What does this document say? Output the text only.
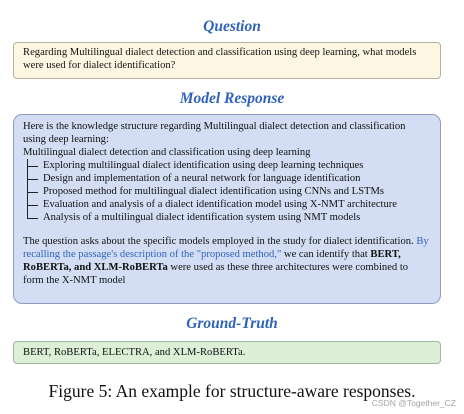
Question
Regarding Multilingual dialect detection and classification using deep learning, what models were used for dialect identification?
Model Response
Here is the knowledge structure regarding Multilingual dialect detection and classification using deep learning:
Multilingual dialect detection and classification using deep learning
Exploring multilingual dialect identification using deep learning techniques
Design and implementation of a neural network for language identification
Proposed method for multilingual dialect identification using CNNs and LSTMs
Evaluation and analysis of a dialect identification model using X-NMT architecture
Analysis of a multilingual dialect identification system using NMT models
The question asks about the specific models employed in the study for dialect identification. By recalling the passage's description of the "proposed method," we can identify that BERT, RoBERTa, and XLM-RoBERTa were used as these three architectures were combined to form the X-NMT model
Ground-Truth
BERT, RoBERTa, ELECTRA, and XLM-RoBERTa.
Figure 5: An example for structure-aware responses.
CSDN @Together_CZ
